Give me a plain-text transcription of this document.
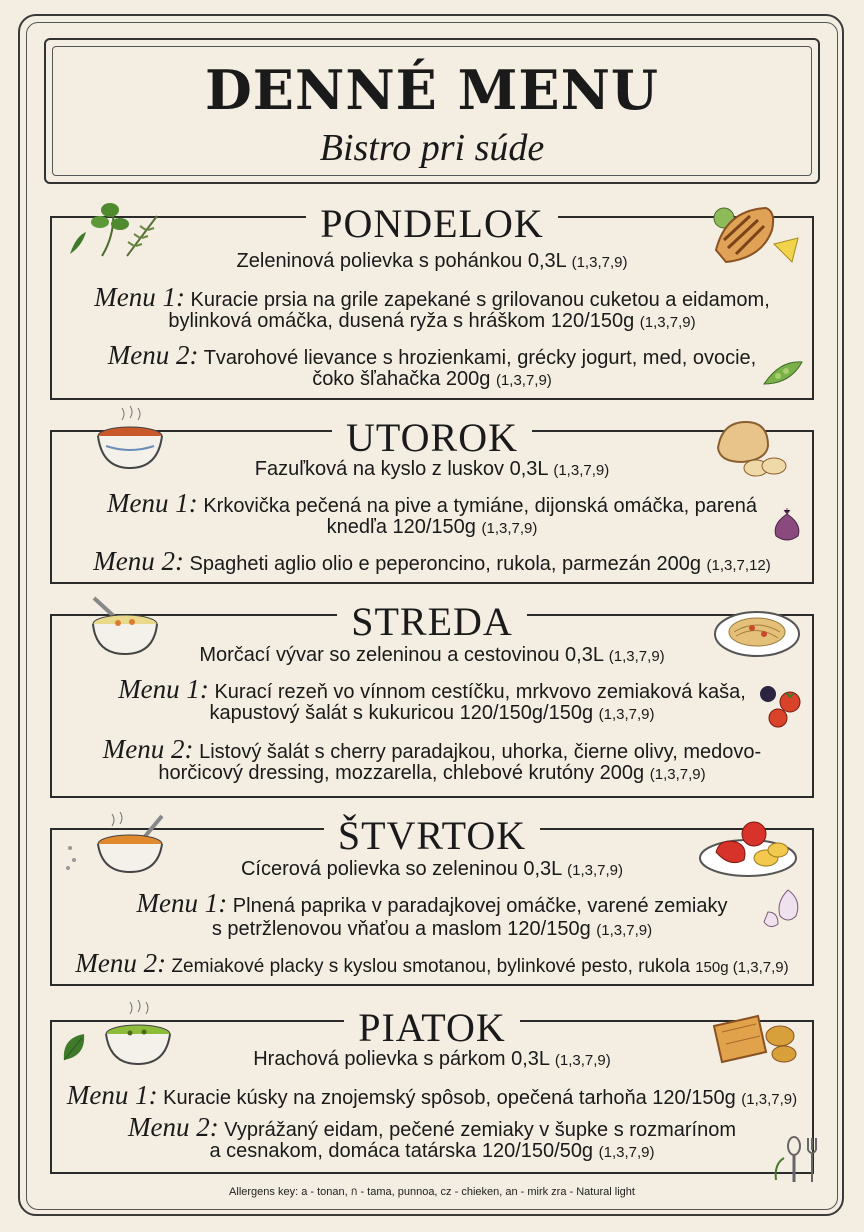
DENNÉ MENU
Bistro pri súde
PONDELOK
Zeleninová polievka s pohánkou 0,3L (1,3,7,9)
Menu 1: Kuracie prsia na grile zapekané s grilovanou cuketou a eidamom,
bylinková omáčka, dusená ryža s hráškom 120/150g (1,3,7,9)
Menu 2: Tvarohové lievance s hrozienkami, grécky jogurt, med, ovocie,
čoko šľahačka 200g (1,3,7,9)
UTOROK
Fazuľková na kyslo z luskov 0,3L (1,3,7,9)
Menu 1: Krkovička pečená na pive a tymiáne, dijonská omáčka, parená
knedľa 120/150g (1,3,7,9)
Menu 2: Spagheti aglio olio e peperoncino, rukola, parmezán 200g (1,3,7,12)
STREDA
Morčací vývar so zeleninou a cestovinou 0,3L (1,3,7,9)
Menu 1: Kurací rezeň vo vínnom cestíčku, mrkvovo zemiaková kaša,
kapustový šalát s kukuricou 120/150g/150g (1,3,7,9)
Menu 2: Listový šalát s cherry paradajkou, uhorka, čierne olivy, medovo-
horčicový dressing, mozzarella, chlebové krutóny 200g (1,3,7,9)
ŠTVRTOK
Cícerová polievka so zeleninou 0,3L (1,3,7,9)
Menu 1: Plnená paprika v paradajkovej omáčke, varené zemiaky
s petržlenovou vňaťou a maslom 120/150g (1,3,7,9)
Menu 2: Zemiakové placky s kyslou smotanou, bylinkové pesto, rukola 150g (1,3,7,9)
PIATOK
Hrachová polievka s párkom 0,3L (1,3,7,9)
Menu 1: Kuracie kúsky na znojemský spôsob, opečená tarhoňa 120/150g (1,3,7,9)
Menu 2: Vyprážaný eidam, pečené zemiaky v šupke s rozmarínom
a cesnakom, domáca tatárska 120/150/50g (1,3,7,9)
Allergens key: a - tonan, ก - tama, punnoa, cz - chieken, an - mirk ᴢra - Natural light
